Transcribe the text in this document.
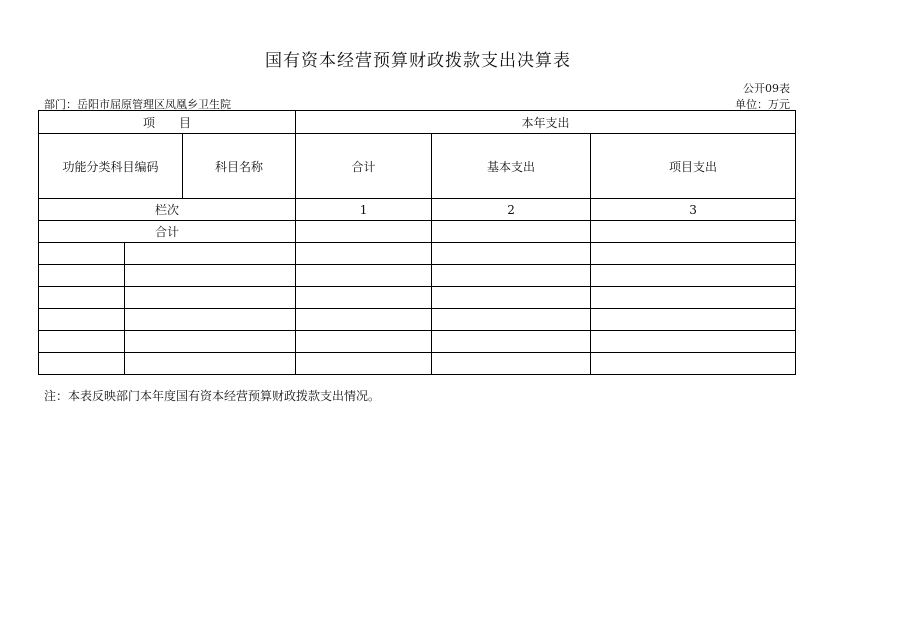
国有资本经营预算财政拨款支出决算表
公开09表
部门：岳阳市屈原管理区凤凰乡卫生院	单位：万元
项　　目			本年支出		
功能分类科目编码		科目名称	合计	基本支出	项目支出
栏次			1	2	3
合计					

注：本表反映部门本年度国有资本经营预算财政拨款支出情况。
